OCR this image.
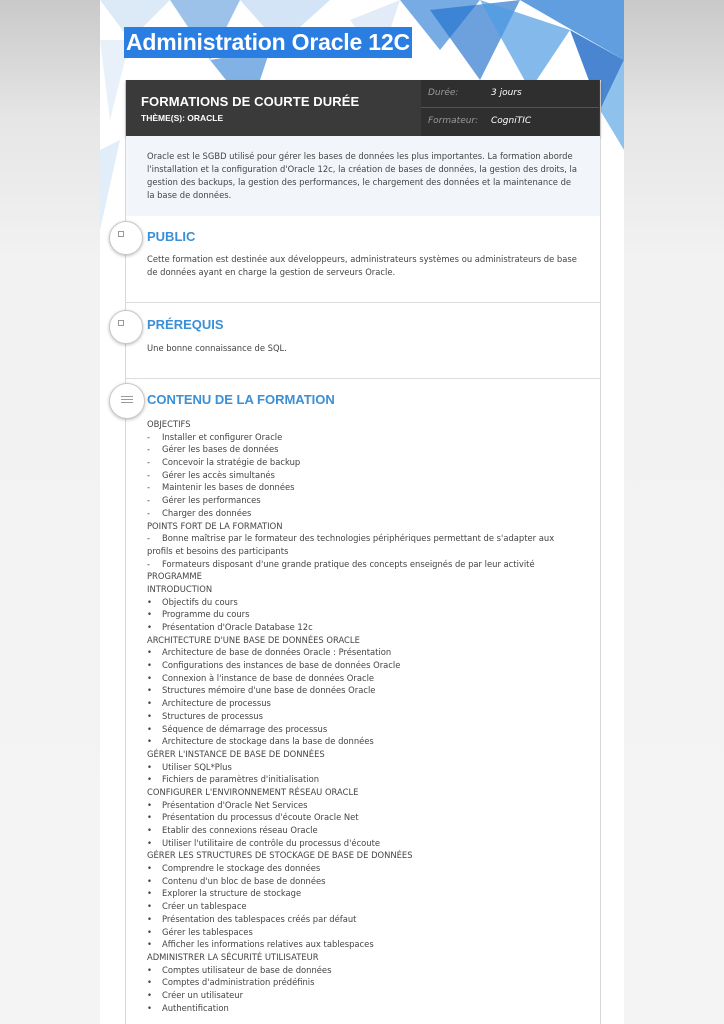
Administration Oracle 12C
FORMATIONS DE COURTE DURÉE
THÈME(S): ORACLE
Durée:	3 jours
Formateur: CogniTIC

Oracle est le SGBD utilisé pour gérer les bases de données les plus importantes. La formation aborde l'installation et la configuration d'Oracle 12c, la création de bases de données, la gestion des droits, la gestion des backups, la gestion des performances, le chargement des données et la maintenance de la base de données.

PUBLIC

Cette formation est destinée aux développeurs, administrateurs systèmes ou administrateurs de base de données ayant en charge la gestion de serveurs Oracle.

PRÉREQUIS

Une bonne connaissance de SQL.

CONTENU DE LA FORMATION
OBJECTIFS
- Installer et configurer Oracle
- Gérer les bases de données
- Concevoir la stratégie de backup
- Gérer les accès simultanés
- Maintenir les bases de données
- Gérer les performances
- Charger des données
POINTS FORT DE LA FORMATION
- Bonne maîtrise par le formateur des technologies périphériques permettant de s'adapter aux profils et besoins des participants
- Formateurs disposant d'une grande pratique des concepts enseignés de par leur activité
PROGRAMME
INTRODUCTION
• Objectifs du cours
• Programme du cours
• Présentation d'Oracle Database 12c
ARCHITECTURE D'UNE BASE DE DONNÉES ORACLE
• Architecture de base de données Oracle : Présentation
• Configurations des instances de base de données Oracle
• Connexion à l'instance de base de données Oracle
• Structures mémoire d'une base de données Oracle
• Architecture de processus
• Structures de processus
• Séquence de démarrage des processus
• Architecture de stockage dans la base de données
GÉRER L'INSTANCE DE BASE DE DONNÉES
• Utiliser SQL*Plus
• Fichiers de paramètres d'initialisation
CONFIGURER L'ENVIRONNEMENT RÉSEAU ORACLE
• Présentation d'Oracle Net Services
• Présentation du processus d'écoute Oracle Net
• Etablir des connexions réseau Oracle
• Utiliser l'utilitaire de contrôle du processus d'écoute
GÉRER LES STRUCTURES DE STOCKAGE DE BASE DE DONNÉES
• Comprendre le stockage des données
• Contenu d'un bloc de base de données
• Explorer la structure de stockage
• Créer un tablespace
• Présentation des tablespaces créés par défaut
• Gérer les tablespaces
• Afficher les informations relatives aux tablespaces
ADMINISTRER LA SÉCURITÉ UTILISATEUR
• Comptes utilisateur de base de données
• Comptes d'administration prédéfinis
• Créer un utilisateur
• Authentification
